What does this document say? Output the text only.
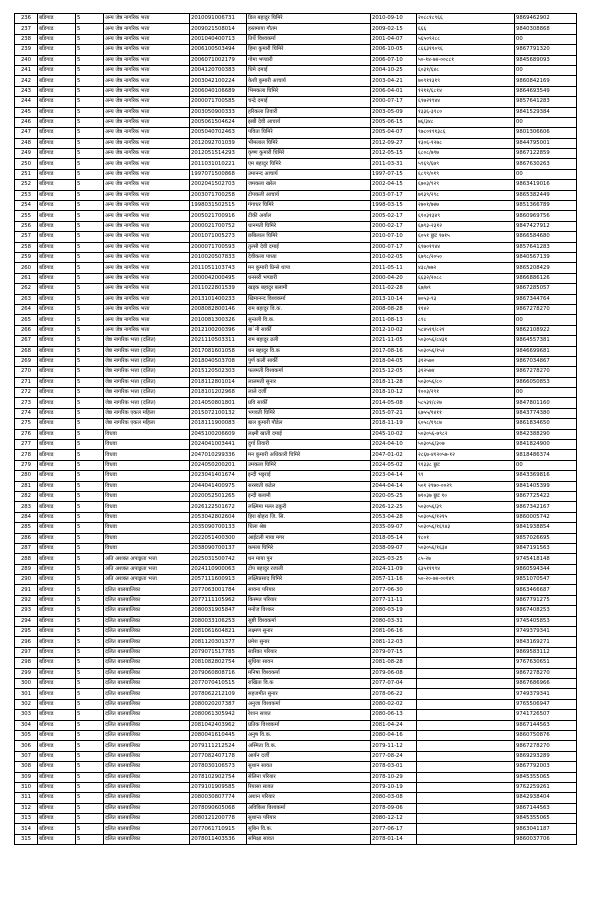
236	बडिगाड	5	अन्य जेष्ठ नागरिक भत्ता	2010091006731	डिल बहादुर घिमिरे	2010-09-10	२०८८१८९६६	9869462902
237	बडिगाड	5	अन्य जेष्ठ नागरिक भत्ता	2009021508014	हस्तमाया गौतम	2009-02-15	६६६	9840308868
238	बडिगाड	5	अन्य जेष्ठ नागरिक भत्ता	2001040400713	तिर्थे विश्वकर्मा	2001-04-07	५६५०९२८८	00
239	बडिगाड	5	अन्य जेष्ठ नागरिक भत्ता	2006100503494	हिमा कुमारी घिमिरे	2006-10-05	८६६३११०९६	9867791320
240	बडिगाड	5	अन्य जेष्ठ नागरिक भत्ता	2006071002179	गोमा भण्डारी	2006-07-10	५०-१४-७४-००८८१	9845689093
241	बडिगाड	5	अन्य जेष्ठ नागरिक भत्ता	2004120700383	धिमे दमाई	2004-10-25	६०३१/६४८	00
242	बडिगाड	5	अन्य जेष्ठ नागरिक भत्ता	2003042100224	केशी कुमारी आचार्य	2003-04-21	७०९११३१९	9860842169
243	बडिगाड	5	अन्य जेष्ठ नागरिक भत्ता	2006040106689	भिमकला घिमिरे	2006-04-01	१२११/६८१४	9864693549
244	बडिगाड	5	अन्य जेष्ठ नागरिक भत्ता	2000071700585	चन्द्रे दमाई	2000-07-17	६९७२१९४४	9857641283
245	बडिगाड	5	अन्य जेष्ठ नागरिक भत्ता	2003050900333	हरिकला तिवारी	2003-05-09	१३३६-३९८०	9841529384
246	बडिगाड	5	अन्य जेष्ठ नागरिक भत्ता	2005061504624	झबी देवी आचार्य	2005-06-15	७६/३४८	00
247	बडिगाड	5	अन्य जेष्ठ नागरिक भत्ता	2005040702463	पविता घिमिरे	2005-04-07	९७८०१९१३८६	9801306606
248	बडिगाड	5	अन्य जेष्ठ नागरिक भत्ता	2012092701039	भीमलाल घिमिरे	2012-09-27	१३०६-१२७८	9844795001
249	बडिगाड	5	अन्य जेष्ठ नागरिक भत्ता	2012051514293	कृष्ण कुमारी घिमिरे	2012-05-15	६८०८/७९७	9867122859
250	बडिगाड	5	अन्य जेष्ठ नागरिक भत्ता	2011031010221	एम बहादुर घिमिरे	2011-03-31	५९६९/६७९	9867630263
251	बडिगाड	5	अन्य जेष्ठ नागरिक भत्ता	1997071500868	उमानन्द आचार्य	1997-07-15	६८९९/०१९	00
252	बडिगाड	5	अन्य जेष्ठ नागरिक भत्ता	2002041502703	जमकला खरेल	2002-04-15	६७०३/९२९	9863419016
253	बडिगाड	5	अन्य जेष्ठ नागरिक भत्ता	2003071700258	टोपकली आचार्य	2003-07-17	७१३९/२९८	9865382449
254	बडिगाड	5	अन्य जेष्ठ नागरिक भत्ता	1998031502515	गंगाधर घिमिरे	1998-03-15	२७०१/७४७	9851366789
255	बडिगाड	5	अन्य जेष्ठ नागरिक भत्ता	2005021700916	टीकी अर्याल	2005-02-17	६१०३१३४९	9860969756
256	बडिगाड	5	अन्य जेष्ठ नागरिक भत्ता	2000021700752	धानमती घिमिरे	2000-02-17	६७९३-२३१२	9847427912
257	बडिगाड	5	अन्य जेष्ठ नागरिक भत्ता	2001071005273	छबिलाल घिमिरे	2010-07-10	६०५१ छुट ९७१५	9866584680
258	बडिगाड	5	अन्य जेष्ठ नागरिक भत्ता	2000071700593	तुल्सी देवी दमाई	2000-07-17	६९७०१९४४	9857641283
259	बडिगाड	5	अन्य जेष्ठ नागरिक भत्ता	2010020507833	देवीकला पाध्या	2010-02-05	६७९८/२०५०	9840567139
260	बडिगाड	5	अन्य जेष्ठ नागरिक भत्ता	2011051103743	मन कुमारी प्रिन्से थापा	2011-05-11	४३८/७७२	9865208429
261	बडिगाड	5	अन्य जेष्ठ नागरिक भत्ता	2000042000495	धनसरी भण्डारी	2000-04-20	६६३२/२०८८	9866886126
262	बडिगाड	5	अन्य जेष्ठ नागरिक भत्ता	2011022801539	खड्क बहादुर बलामी	2011-02-28	६७/७९	9867285057
263	बडिगाड	5	अन्य जेष्ठ नागरिक भत्ता	2013101400233	खिमानन्द विश्वकर्मा	2013-10-14	७०५३-९३	9867344764
264	बडिगाड	5	अन्य जेष्ठ नागरिक भत्ता	2008082800146	राम बहादुर वि.क.	2008-08-28	११४२	9867278270
265	बडिगाड	5	अन्य जेष्ठ नागरिक भत्ता	2010081300326	सुन्तली वि.क.	2011-08-13	८९८	00
266	बडिगाड	5	अन्य जेष्ठ नागरिक भत्ता	2012100200396	बा`नी सार्की	2012-10-02	५८४५११/८२१	9862108922
267	बडिगाड	5	जेष्ठ नागरिक भत्ता (दलित)	2021110503311	राम बहादुर ढली	2021-11-05	५०३०५६/८४३१	9864557381
268	बडिगाड	5	जेष्ठ नागरिक भत्ता (दलित)	2017081601058	धन बहादुर वि.क	2017-08-16	५०३०५६/१५२	9846699681
269	बडिगाड	5	जेष्ठ नागरिक भत्ता (दलित)	2018040503708	पुर्ण कली सार्की	2018-04-05	३१२५७०	9867034867
270	बडिगाड	5	जेष्ठ नागरिक भत्ता (दलित)	2015120502303	फलमती विश्वकर्मा	2015-12-05	३१२५७४	9867278270
271	बडिगाड	5	जेष्ठ नागरिक भत्ता (दलित)	2018112801014	लालमती सुनार	2018-11-28	५०३०५६/८०	9866050853
272	बडिगाड	5	जेष्ठ नागरिक भत्ता (दलित)	2018101202968	लाले दर्जी	2018-10-12	१००३/२९१	00
273	बडिगाड	5	जेष्ठ नागरिक भत्ता (दलित)	2014050801801	प्रवि सार्की	2014-05-08	५८५३१/८२७	9847801160
274	बडिगाड	5	जेष्ठ नागरिक एकल महिला	2015072100132	भगवती घिमिरे	2015-07-21	६७५५/१४११	9843774380
275	बडिगाड	5	जेष्ठ नागरिक एकल महिला	2018111900083	बाल कुमारी पौडेल	2018-11-19	६०५८/१९८७	9861834650
276	बडिगाड	5	विधवा	2045100206609	लक्ष्मी खाती दमाई	2045-10-02	५०३०५६-७९८२	9842388290
277	बडिगाड	5	विधवा	2024041003441	दुर्गा तिवारी	2024-04-10	५०३०५६/३०७	9841824900
278	बडिगाड	5	विधवा	2047010299336	मन कुमारी अधिकारी घिमिरे	2047-01-02	२८६७-४१२०५७-१२	9818486374
279	बडिगाड	5	विधवा	2024050200201	उमकला घिमिरे	2024-05-02	९१३३८ छुट	00
280	बडिगाड	5	विधवा	2023041401674	इन्दी भट्टराई	2023-04-14	९९	9843369816
281	बडिगाड	5	विधवा	2044041400975	सरस्वती कडेल	2044-04-14	५०१ २९७०-००२९	9841405399
282	बडिगाड	5	विधवा	2020052501265	इन्दी बलामी	2020-05-25	७१०३७ छुट १०	9867725422
283	बडिगाड	5	विधवा	2026122501672	लक्ष्मिमा मल्ल ठकुरी	2026-12-25	५०३०५६/३९	9867342167
284	बडिगाड	5	विधवा	2053042802604	हिरा बोहरा जि. सि.	2053-04-28	५०३०५६/१२१५	9860005742
285	बडिगाड	5	विधवा	2035090700133	धिला श्रेष्ठ	2035-09-07	५०३०५६/१६९४३	9841938854
286	बडिगाड	5	विधवा	2022051400300	आईटली माया मगर	2018-05-14	१८०१	9857026695
287	बडिगाड	5	विधवा	2038090700137	कमला घिमिरे	2038-09-07	५०३०५६/१६३४	9847191563
288	बडिगाड	5	अति अशक्त अपाङ्गता भत्ता	2025031500742	धन माया पुन	2025-03-25	८५-२७	9745418148
289	बडिगाड	5	अति अशक्त अपाङ्गता भत्ता	2024110900063	टोप बहादुर रजाली	2024-11-09	६३५१११९४	9860594344
290	बडिगाड	5	अति अशक्त अपाङ्गता भत्ता	2057111600913	लक्ष्मिप्रसाद घिमिरे	2057-11-16	५०-२०-७४-००१४९	9851070547
291	बडिगाड	5	दलित बालबालिका	2077063001784	सावना परियार	2077-06-30		9863466687
292	बडिगाड	5	दलित बालबालिका	2077111105962	किस्मत परियार	2077-11-11		9867791275
293	बडिगाड	5	दलित बालबालिका	2080031905847	मनोज विश्कर	2080-03-19		9867408253
294	बडिगाड	5	दलित बालबालिका	2080033106253	सुष्टी विश्वकर्मा	2080-03-31		9745405853
295	बडिगाड	5	दलित बालबालिका	2081061604821	लक्ष्मण सुनार	2081-06-16		9749379341
296	बडिगाड	5	दलित बालबालिका	2081120301377	प्रमेश सुनार	2081-12-03		9843169271
297	बडिगाड	5	दलित बालबालिका	2079071517785	सारिका परियार	2079-07-15		9869583112
298	बडिगाड	5	दलित बालबालिका	2081082802754	सुधिया सावन	2081-08-28		9767630651
299	बडिगाड	5	दलित बालबालिका	2079060808716	मनिषा विश्वकर्मा	2079-06-08		9867278270
300	बडिगाड	5	दलित बालबालिका	2077070410515	राखिता वि.क	2077-07-04		9867686966
301	बडिगाड	5	दलित बालबालिका	2078062212109	सहजमीत सुनार	2078-06-22		9749379341
302	बडिगाड	5	दलित बालबालिका	2080020207387	अनुजा विश्वकर्मा	2080-02-02		9765506947
303	बडिगाड	5	दलित बालबालिका	2080061305942	रेशान सावत	2080-06-13		9741726507
304	बडिगाड	5	दलित बालबालिका	2081042403962	प्रतिक विश्वकर्मा	2081-04-24		9867144563
305	बडिगाड	5	दलित बालबालिका	2080041610445	अनुष वि.क.	2080-04-16		9860750876
306	बडिगाड	5	दलित बालबालिका	2079111212524	अस्मिता वि.क.	2079-11-12		9867278270
307	बडिगाड	5	दलित बालबालिका	2077082407178	आर्यन दर्जी	2077-08-24		9869293289
308	बडिगाड	5	दलित बालबालिका	2078030106573	सुशान सावत	2078-03-01		9867792003
309	बडिगाड	5	दलित बालबालिका	2078102902754	सेलिना परियार	2078-10-29		9845355065
310	बडिगाड	5	दलित बालबालिका	2079101909585	रियासा सावत	2079-10-19		9762259261
311	बडिगाड	5	दलित बालबालिका	2080030807774	अशान परियार	2080-03-08		9842938404
312	बडिगाड	5	दलित बालबालिका	2078090605068	अविकिश विश्वकर्मा	2078-09-06		9867144563
313	बडिगाड	5	दलित बालबालिका	2080121200778	सुशान्त परियार	2080-12-12		9845355065
314	बडिगाड	5	दलित बालबालिका	2077061710915	सुबिन वि.क.	2077-06-17		9863041187
315	बडिगाड	5	दलित बालबालिका	2078011403536	समिक्षा सावत	2078-01-14		9860037706
